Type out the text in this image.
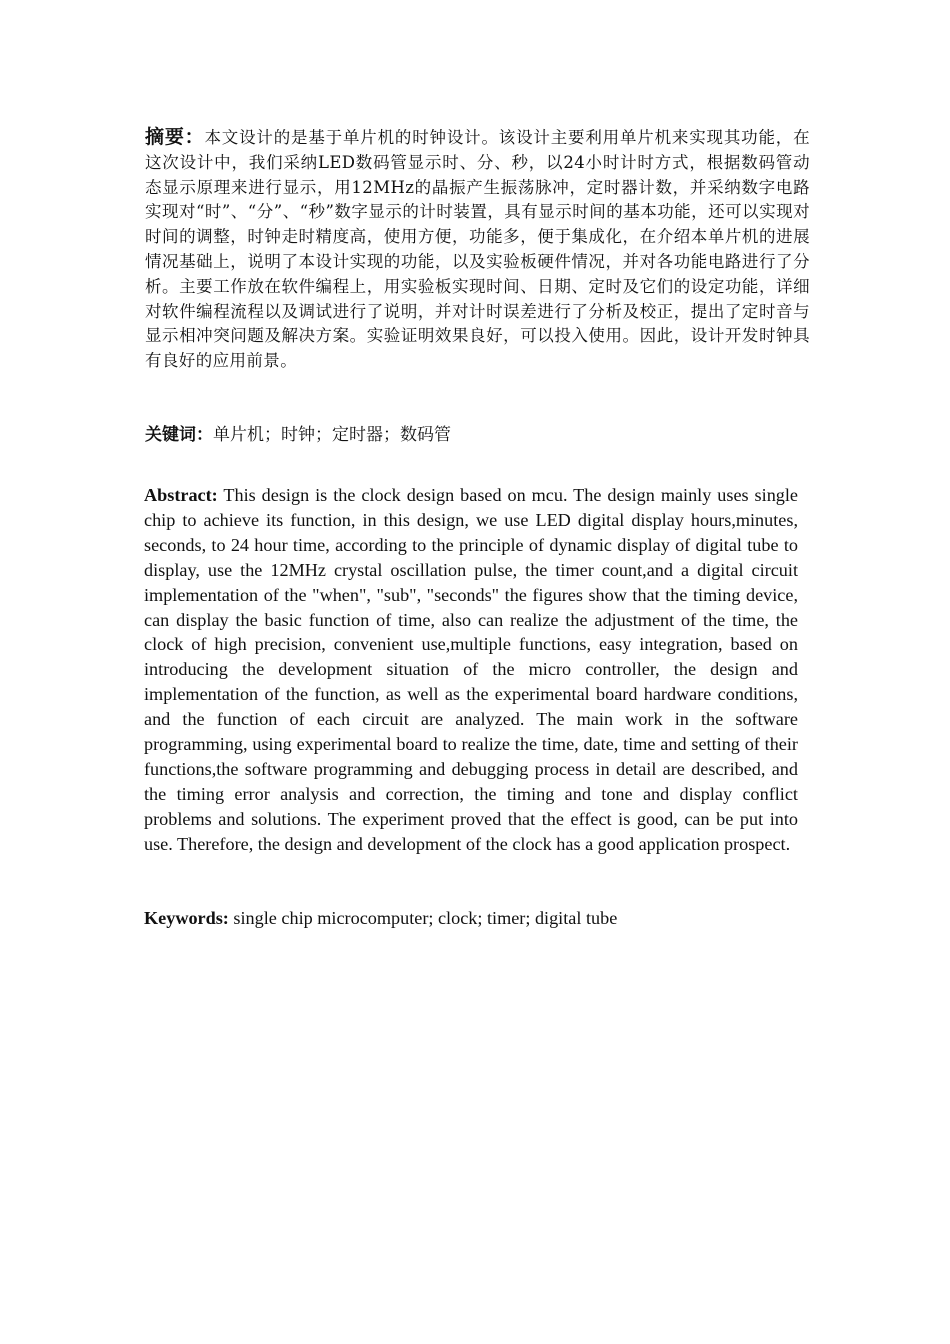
摘要：本文设计的是基于单片机的时钟设计。该设计主要利用单片机来实现其功能，在这次设计中，我们采纳LED数码管显示时、分、秒，以24小时计时方式，根据数码管动态显示原理来进行显示，用12MHz的晶振产生振荡脉冲，定时器计数，并采纳数字电路实现对“时”、“分”、“秒”数字显示的计时装置，具有显示时间的基本功能，还可以实现对时间的调整，时钟走时精度高，使用方便，功能多，便于集成化，在介绍本单片机的进展情况基础上，说明了本设计实现的功能，以及实验板硬件情况，并对各功能电路进行了分析。主要工作放在软件编程上，用实验板实现时间、日期、定时及它们的设定功能，详细对软件编程流程以及调试进行了说明，并对计时误差进行了分析及校正，提出了定时音与显示相冲突问题及解决方案。实验证明效果良好，可以投入使用。因此，设计开发时钟具有良好的应用前景。

关键词：单片机；时钟；定时器；数码管

Abstract: This design is the clock design based on mcu. The design mainly uses single chip to achieve its function, in this design, we use LED digital display hours,minutes, seconds, to 24 hour time, according to the principle of dynamic display of digital tube to display, use the 12MHz crystal oscillation pulse, the timer count,and a digital circuit implementation of the "when", "sub", "seconds" the figures show that the timing device, can display the basic function of time, also can realize the adjustment of the time, the clock of high precision, convenient use,multiple functions, easy integration, based on introducing the development situation of the micro controller, the design and implementation of the function, as well as the experimental board hardware conditions, and the function of each circuit are analyzed. The main work in the software programming, using experimental board to realize the time, date, time and setting of their functions,the software programming and debugging process in detail are described, and the timing error analysis and correction, the timing and tone and display conflict problems and solutions. The experiment proved that the effect is good, can be put into use. Therefore, the design and development of the clock has a good application prospect.

Keywords: single chip microcomputer; clock; timer; digital tube
